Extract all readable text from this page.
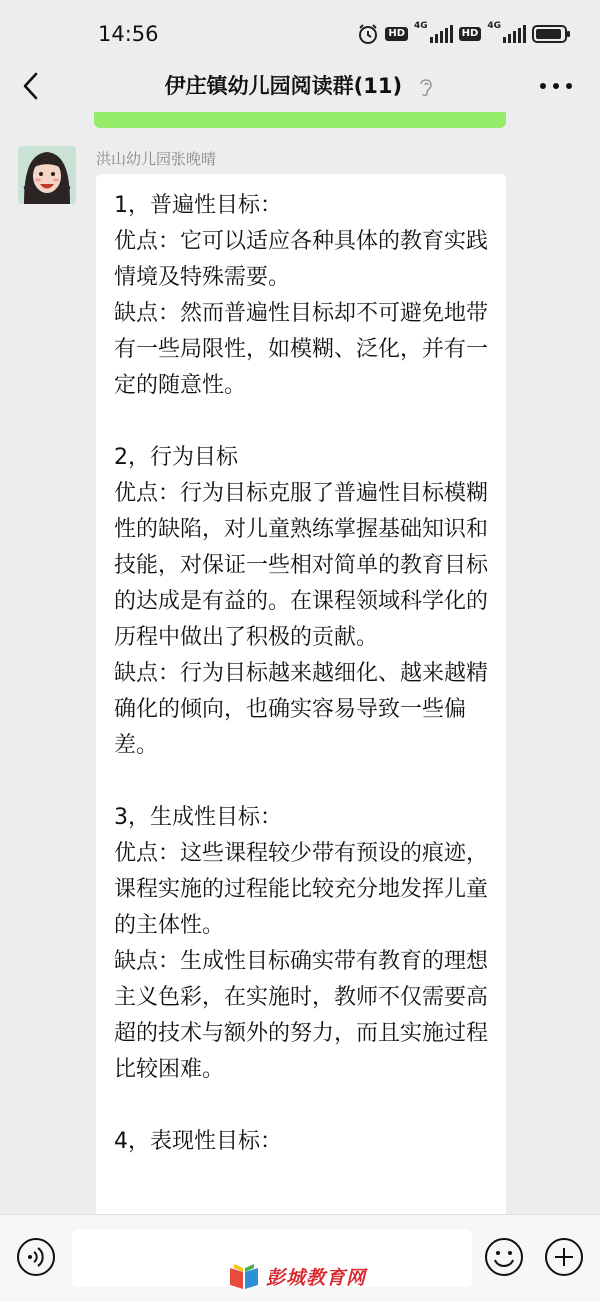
14:56	HD
4G
HD
4G
伊庄镇幼儿园阅读群(11)
洪山幼儿园张晚晴

1，普遍性目标：

优点：它可以适应各种具体的教育实践情境及特殊需要。

缺点：然而普遍性目标却不可避免地带有一些局限性，如模糊、泛化，并有一定的随意性。

2，行为目标

优点：行为目标克服了普遍性目标模糊性的缺陷，对儿童熟练掌握基础知识和技能，对保证一些相对简单的教育目标的达成是有益的。在课程领域科学化的历程中做出了积极的贡献。

缺点：行为目标越来越细化、越来越精确化的倾向，也确实容易导致一些偏差。

3，生成性目标：

优点：这些课程较少带有预设的痕迹，课程实施的过程能比较充分地发挥儿童的主体性。

缺点：生成性目标确实带有教育的理想主义色彩，在实施时，教师不仅需要高超的技术与额外的努力，而且实施过程比较困难。

4，表现性目标：

彭城教育网
